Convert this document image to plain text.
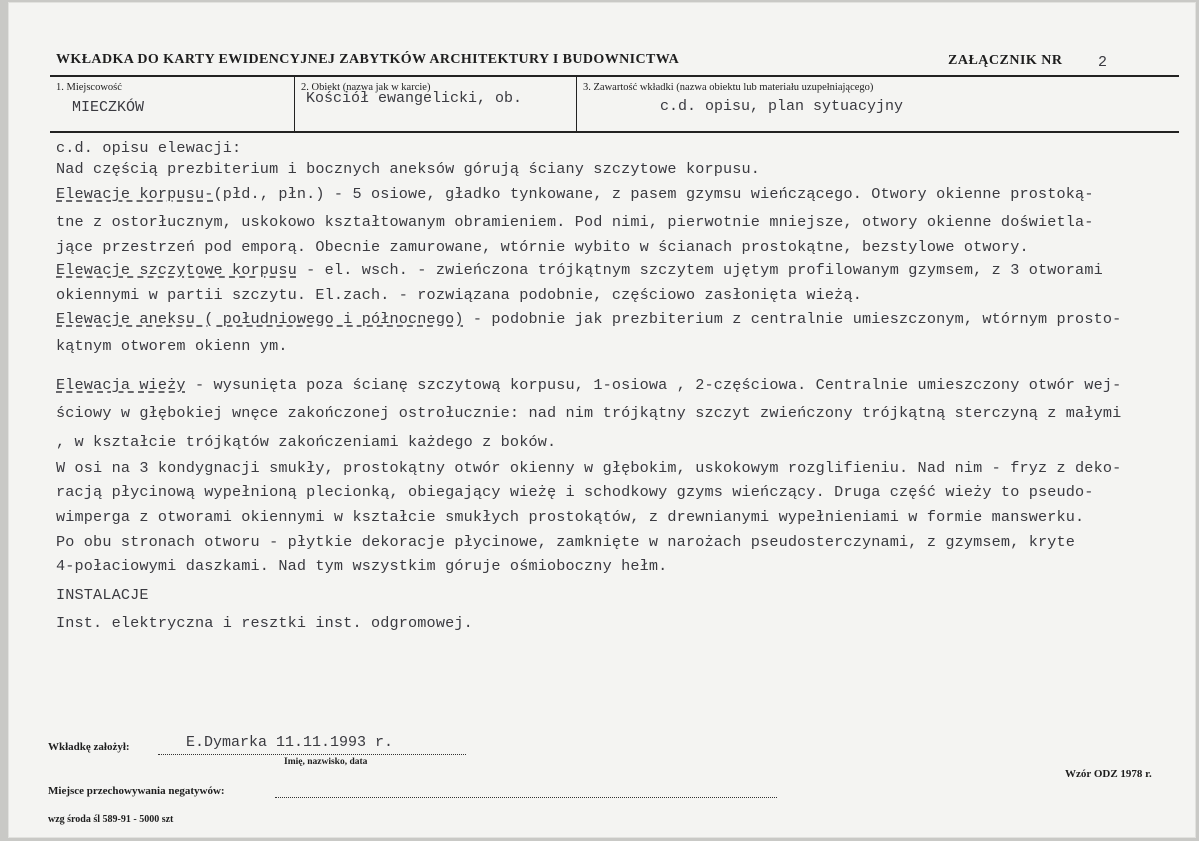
WKŁADKA DO KARTY EWIDENCYJNEJ ZABYTKÓW ARCHITEKTURY I BUDOWNICTWA	ZAŁĄCZNIK NR 2
1. Miejscowość
MIECZKÓW
2. Obiekt (nazwa jak w karcie)
Kościół ewangelicki, ob.
3. Zawartość wkładki (nazwa obiektu lub materiału uzupełniającego)
c.d. opisu, plan sytuacyjny
c.d. opisu elewacji:
Nad częścią prezbiterium i bocznych aneksów górują ściany szczytowe korpusu.
Elewacje korpusu-(płd., płn.) - 5 osiowe, gładko tynkowane, z pasem gzymsu wieńczącego. Otwory okienne prostoką-
tne z ostorłucznym, uskokowo kształtowanym obramieniem. Pod nimi, pierwotnie mniejsze, otwory okienne doświetla-
jące przestrzeń pod emporą. Obecnie zamurowane, wtórnie wybito w ścianach prostokątne, bezstylowe otwory.
Elewacje szczytowe korpusu - el. wsch. - zwieńczona trójkątnym szczytem ujętym profilowanym gzymsem, z 3 otworami
okiennymi w partii szczytu. El.zach. - rozwiązana podobnie, częściowo zasłonięta wieżą.
Elewacje aneksu ( południowego i północnego) - podobnie jak prezbiterium z centralnie umieszczonym, wtórnym prosto-
kątnym otworem okienn ym.
Elewacja wieży - wysunięta poza ścianę szczytową korpusu, 1-osiowa , 2-częściowa. Centralnie umieszczony otwór wej-
ściowy w głębokiej wnęce zakończonej ostrołucznie: nad nim trójkątny szczyt zwieńczony trójkątną sterczyną z małymi
, w kształcie trójkątów zakończeniami każdego z boków.
W osi na 3 kondygnacji smukły, prostokątny otwór okienny w głębokim, uskokowym rozglifieniu. Nad nim - fryz z deko-
racją płycinową wypełnioną plecionką, obiegający wieżę i schodkowy gzyms wieńczący. Druga część wieży to pseudo-
wimperga z otworami okiennymi w kształcie smukłych prostokątów, z drewnianymi wypełnieniami w formie manswerku.
Po obu stronach otworu - płytkie dekoracje płycinowe, zamknięte w narożach pseudosterczynami, z gzymsem, kryte
4-połaciowymi daszkami. Nad tym wszystkim góruje ośmioboczny hełm.
INSTALACJE
Inst. elektryczna i resztki inst. odgromowej.
Wkładkę założył:	E.Dymarka 11.11.1993 r.
Imię, nazwisko, data
Miejsce przechowywania negatywów:
Wzór ODZ 1978 r.
wzg środa śl 589-91 - 5000 szt
